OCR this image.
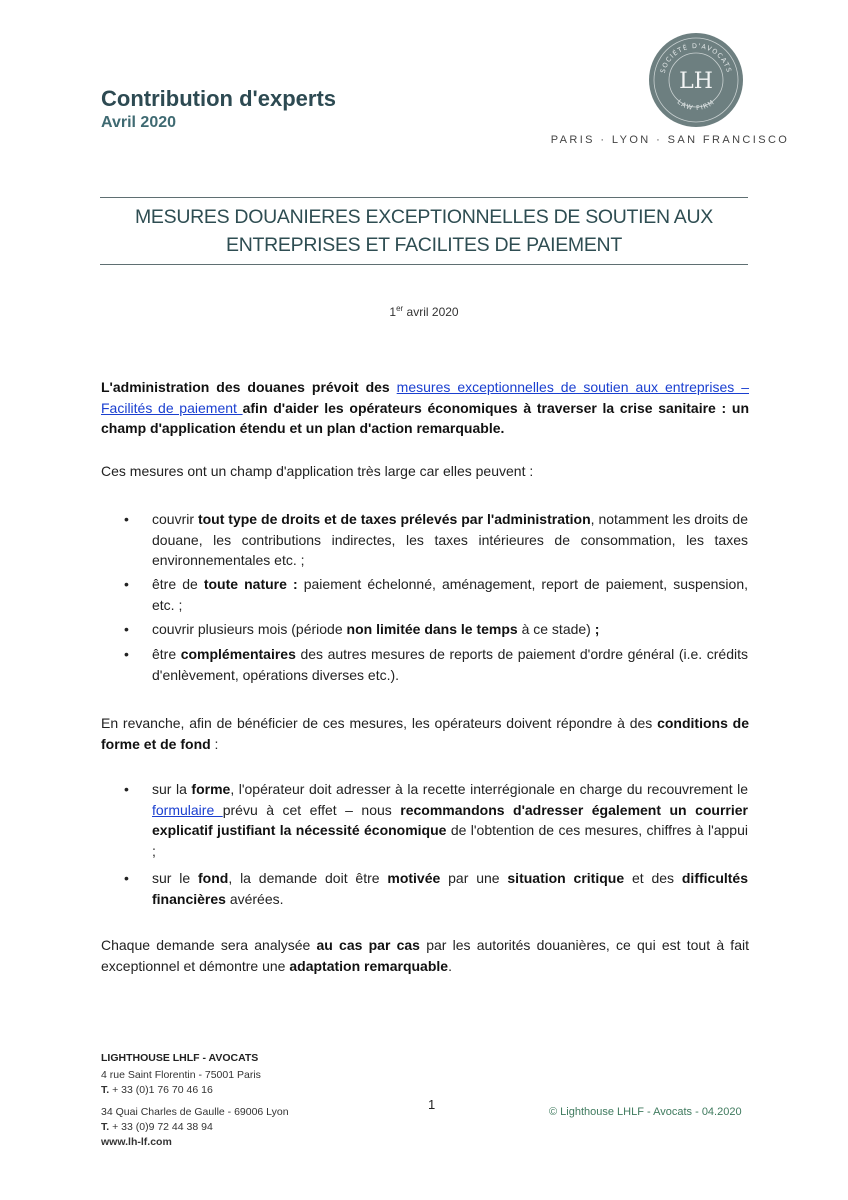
Contribution d'experts
Avril 2020
SOCIÉTÉ D'AVOCATS
LAW FIRM
LH
PARIS · LYON · SAN FRANCISCO
MESURES DOUANIERES EXCEPTIONNELLES DE SOUTIEN AUX
ENTREPRISES ET FACILITES DE PAIEMENT
1er avril 2020
L'administration des douanes prévoit des mesures exceptionnelles de soutien aux entreprises – Facilités de paiement afin d'aider les opérateurs économiques à traverser la crise sanitaire : un champ d'application étendu et un plan d'action remarquable.
Ces mesures ont un champ d'application très large car elles peuvent :
•	couvrir tout type de droits et de taxes prélevés par l'administration, notamment les droits de douane, les contributions indirectes, les taxes intérieures de consommation, les taxes environnementales etc. ;
•	être de toute nature : paiement échelonné, aménagement, report de paiement, suspension, etc. ;
•	couvrir plusieurs mois (période non limitée dans le temps à ce stade) ;
•	être complémentaires des autres mesures de reports de paiement d'ordre général (i.e. crédits d'enlèvement, opérations diverses etc.).
En revanche, afin de bénéficier de ces mesures, les opérateurs doivent répondre à des conditions de forme et de fond :
•	sur la forme, l'opérateur doit adresser à la recette interrégionale en charge du recouvrement le formulaire prévu à cet effet – nous recommandons d'adresser également un courrier explicatif justifiant la nécessité économique de l'obtention de ces mesures, chiffres à l'appui ;
•	sur le fond, la demande doit être motivée par une situation critique et des difficultés financières avérées.
Chaque demande sera analysée au cas par cas par les autorités douanières, ce qui est tout à fait exceptionnel et démontre une adaptation remarquable.
LIGHTHOUSE LHLF - AVOCATS
4 rue Saint Florentin - 75001 Paris
T. + 33 (0)1 76 70 46 16
34 Quai Charles de Gaulle - 69006 Lyon
T. + 33 (0)9 72 44 38 94
www.lh-lf.com
1	© Lighthouse LHLF - Avocats - 04.2020
